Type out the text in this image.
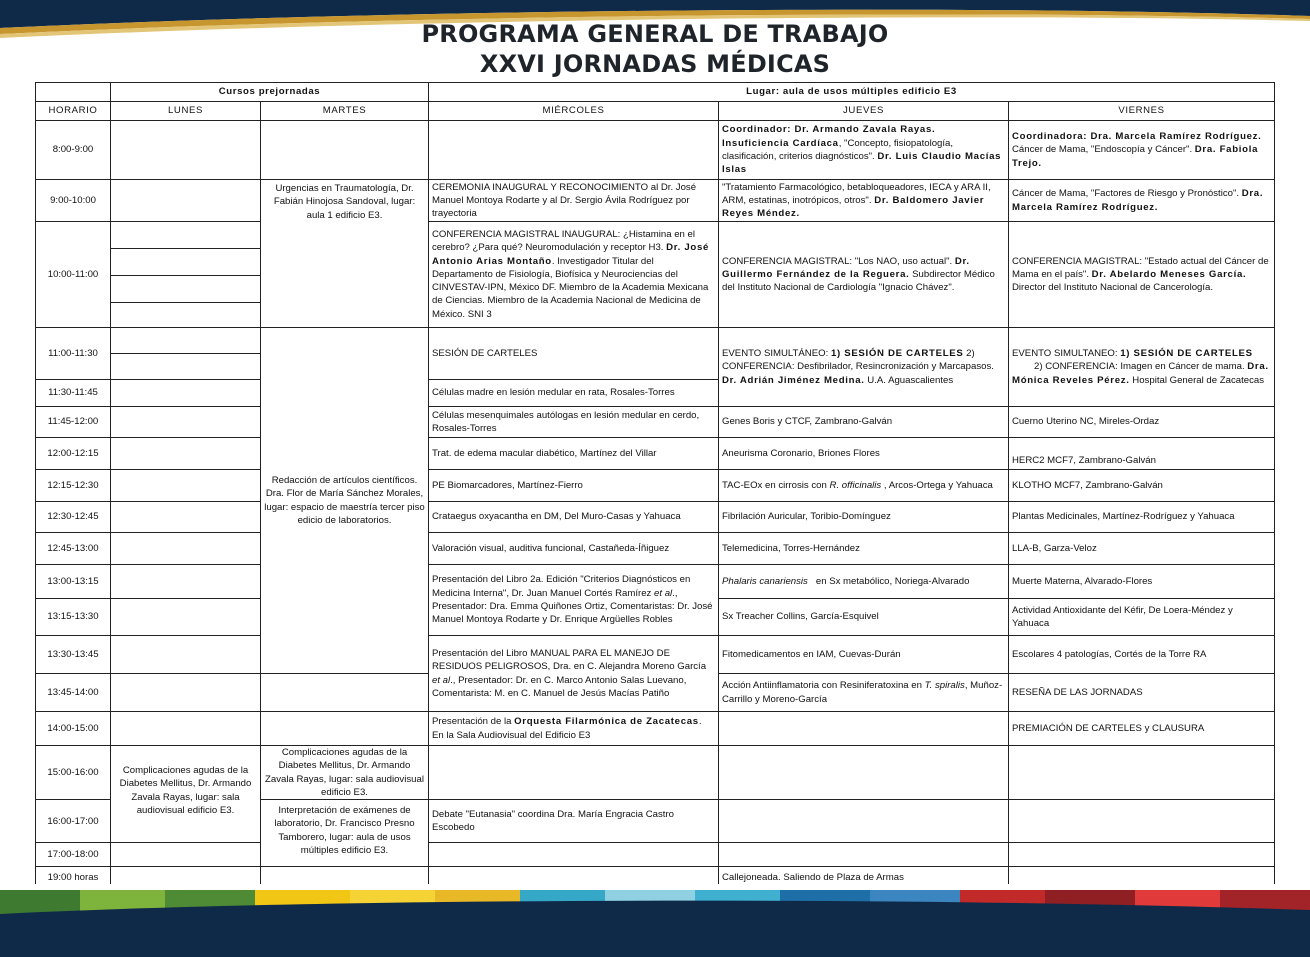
PROGRAMA GENERAL DE TRABAJO
XXVI JORNADAS MÉDICAS
	Cursos prejornadas		Lugar: aula de usos múltiples edificio E3			
HORARIO	LUNES	MARTES	MIÉRCOLES	JUEVES	VIERNES	
8:00-9:00				Coordinador: Dr. Armando Zavala Rayas. Insuficiencia Cardíaca, "Concepto, fisiopatología, clasificación, criterios diagnósticos". Dr. Luis Claudio Macías Islas	Coordinadora: Dra. Marcela Ramírez Rodríguez. Cáncer de Mama, "Endoscopía y Cáncer". Dra. Fabiola Trejo.	
9:00-10:00		Urgencias en Traumatología, Dr. Fabián Hinojosa Sandoval, lugar: aula 1 edificio E3.	CEREMONIA INAUGURAL Y RECONOCIMIENTO al Dr. José Manuel Montoya Rodarte y al Dr. Sergio Ávila Rodríguez por trayectoria	"Tratamiento Farmacológico, betabloqueadores, IECA y ARA II, ARM, estatinas, inotrópicos, otros". Dr. Baldomero Javier Reyes Méndez.	Cáncer de Mama, "Factores de Riesgo y Pronóstico". Dra. Marcela Ramírez Rodríguez.	
10:00-11:00			CONFERENCIA MAGISTRAL INAUGURAL: ¿Histamina en el cerebro? ¿Para qué? Neuromodulación y receptor H3. Dr. José Antonio Arias Montaño. Investigador Titular del Departamento de Fisiología, Biofísica y Neurociencias del CINVESTAV-IPN, México DF. Miembro de la Academia Mexicana de Ciencias. Miembro de la Academia Nacional de Medicina de México. SNI 3	CONFERENCIA MAGISTRAL: "Los NAO, uso actual". Dr. Guillermo Fernández de la Reguera. Subdirector Médico del Instituto Nacional de Cardiología "Ignacio Chávez".	CONFERENCIA MAGISTRAL: "Estado actual del Cáncer de Mama en el país". Dr. Abelardo Meneses García. Director del Instituto Nacional de Cancerología.	

11:00-11:30		Redacción de artículos científicos. Dra. Flor de María Sánchez Morales, lugar: espacio de maestría tercer piso edicio de laboratorios.	SESIÓN DE CARTELES	EVENTO SIMULTÁNEO: 1) SESIÓN DE CARTELES 2) CONFERENCIA: Desfibrilador, Resincronización y Marcapasos. Dr. Adrián Jiménez Medina. U.A. Aguascalientes	EVENTO SIMULTANEO: 1) SESIÓN DE CARTELES2) CONFERENCIA: Imagen en Cáncer de mama. Dra. Mónica Reveles Pérez. Hospital General de Zacatecas	

11:30-11:45			Células madre en lesión medular en rata, Rosales-Torres			
11:45-12:00			Células mesenquimales autólogas en lesión medular en cerdo, Rosales-Torres	Genes Boris y CTCF, Zambrano-Galván	Cuerno Uterino NC, Mireles-Ordaz	
12:00-12:15			Trat. de edema macular diabético, Martínez del Villar	Aneurisma Coronario, Briones Flores	HERC2 MCF7, Zambrano-Galván	
12:15-12:30			PE Biomarcadores, Martínez-Fierro	TAC-EOx en cirrosis con R. officinalis , Arcos-Ortega y Yahuaca	KLOTHO MCF7, Zambrano-Galván	
12:30-12:45			Crataegus oxyacantha en DM, Del Muro-Casas y Yahuaca	Fibrilación Auricular, Toribio-Domínguez	Plantas Medicinales, Martínez-Rodríguez y Yahuaca	
12:45-13:00			Valoración visual, auditiva funcional, Castañeda-Íñiguez	Telemedicina, Torres-Hernández	LLA-B, Garza-Veloz	
13:00-13:15			Presentación del Libro 2a. Edición "Criterios Diagnósticos en Medicina Interna", Dr. Juan Manuel Cortés Ramírez et al., Presentador: Dra. Emma Quiñones Ortiz, Comentaristas: Dr. José Manuel Montoya Rodarte y Dr. Enrique Argüelles Robles	Phalaris canariensis en Sx metabólico, Noriega-Alvarado	Muerte Materna, Alvarado-Flores	
13:15-13:30				Sx Treacher Collins, García-Esquivel	Actividad Antioxidante del Kéfir, De Loera-Méndez y Yahuaca	
13:30-13:45			Presentación del Libro MANUAL PARA EL MANEJO DE RESIDUOS PELIGROSOS, Dra. en C. Alejandra Moreno García et al., Presentador: Dr. en C. Marco Antonio Salas Luevano, Comentarista: M. en C. Manuel de Jesús Macías Patiño	Fitomedicamentos en IAM, Cuevas-Durán	Escolares 4 patologías, Cortés de la Torre RA	
13:45-14:00				Acción Antiinflamatoria con Resiniferatoxina en T. spiralis, Muñoz-Carrillo y Moreno-García	RESEÑA DE LAS JORNADAS	
14:00-15:00			Presentación de la Orquesta Filarmónica de Zacatecas. En la Sala Audiovisual del Edificio E3		PREMIACIÓN DE CARTELES y CLAUSURA	
15:00-16:00	Complicaciones agudas de la Diabetes Mellitus, Dr. Armando Zavala Rayas, lugar: sala audiovisual edificio E3.	Complicaciones agudas de la Diabetes Mellitus, Dr. Armando Zavala Rayas, lugar: sala audiovisual edificio E3.				
16:00-17:00		Interpretación de exámenes de laboratorio, Dr. Francisco Presno Tamborero, lugar: aula de usos múltiples edificio E3.	Debate "Eutanasia" coordina Dra. María Engracia Castro Escobedo			
17:00-18:00						
19:00 horas				Callejoneada. Saliendo de Plaza de Armas		
